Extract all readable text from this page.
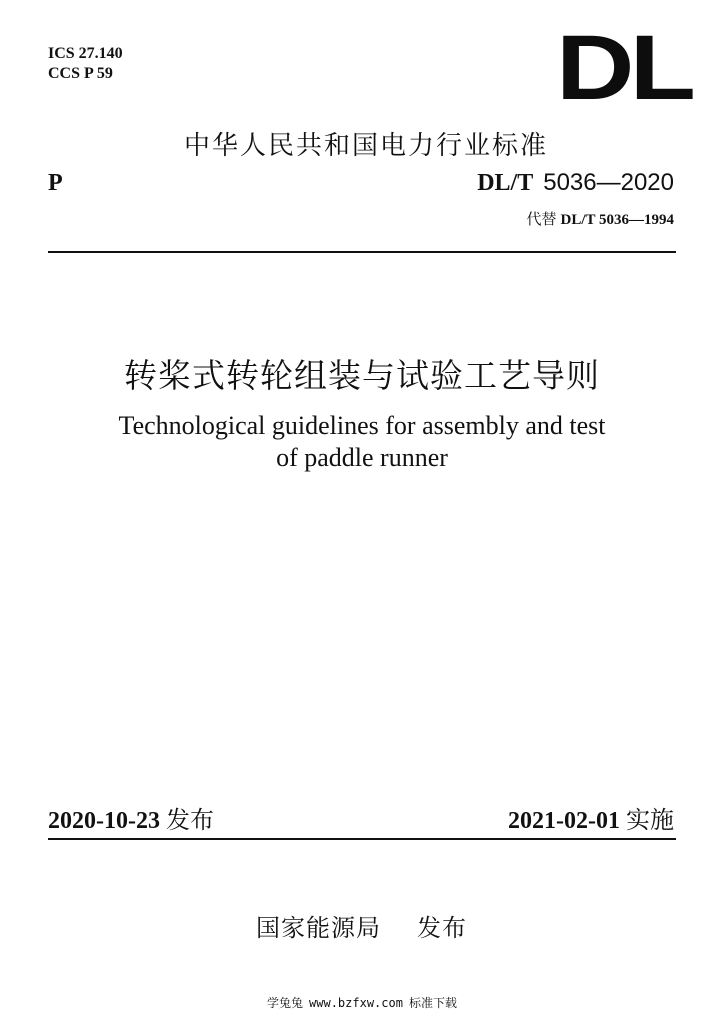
ICS 27.140
CCS P 59	DL
中华人民共和国电力行业标准
P	DL/T 5036—2020
代替 DL/T 5036—1994
转桨式转轮组装与试验工艺导则
Technological guidelines for assembly and test
of paddle runner
2020-10-23 发布	2021-02-01 实施
国家能源局 发布
学兔兔 www.bzfxw.com 标准下载
